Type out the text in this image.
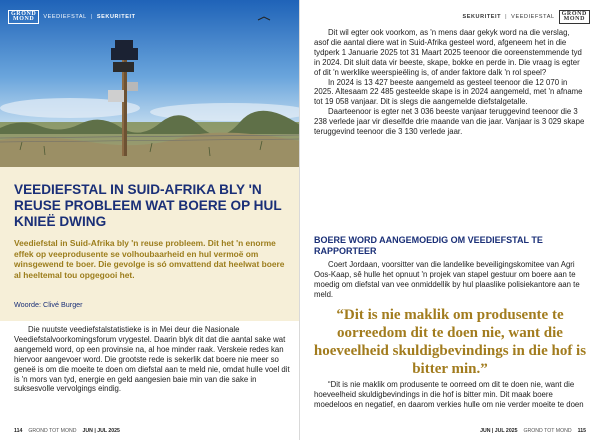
GROND
MOND	VEEDIEFSTAL | SEKURITEIT
VEEDIEFSTAL IN SUID-AFRIKA BLY 'N REUSE PROBLEEM WAT BOERE OP HUL KNIEË DWING

Veediefstal in Suid-Afrika bly 'n reuse probleem. Dit het 'n enorme effek op veeprodusente se volhoubaarheid en hul vermoë om winsgewend te boer. Die gevolge is só omvattend dat heelwat boere al heeltemal tou opgegooi het.

Woorde: Clivé Burger

Die nuutste veediefstalstatistieke is in Mei deur die Nasionale Veediefstalvoorkomingsforum vrygestel. Daarin blyk dit dat die aantal sake wat aangemeld word, op een provinsie na, al hoe minder raak. Verskeie redes kan hiervoor aangevoer word. Die grootste rede is sekerlik dat boere nie meer so geneë is om die moeite te doen om diefstal aan te meld nie, omdat hulle voel dit is 'n mors van tyd, energie en geld aangesien baie min van die sake in suksesvolle vervolgings eindig.

114 GROND TOT MOND JUN | JUL 2025
SEKURITEIT | VEEDIEFSTAL	GROND
MOND

Dit wil egter ook voorkom, as 'n mens daar gekyk word na die verslag, asof die aantal diere wat in Suid-Afrika gesteel word, afgeneem het in die tydperk 1 Januarie 2025 tot 31 Maart 2025 teenoor die ooreenstemmende tyd in 2024. Dit sluit data vir beeste, skape, bokke en perde in. Die vraag is egter of dit 'n werklike weerspieëling is, of ander faktore dalk 'n rol speel?

In 2024 is 13 427 beeste aangemeld as gesteel teenoor die 12 070 in 2025. Altesaam 22 485 gesteelde skape is in 2024 aangemeld, met 'n afname tot 19 058 vanjaar. Dit is slegs die aangemelde diefstalgetalle.

Daarteenoor is egter net 3 036 beeste vanjaar teruggevind teenoor die 3 238 verlede jaar vir dieselfde drie maande van die jaar. Vanjaar is 3 029 skape teruggevind teenoor die 3 130 verlede jaar.

BOERE WORD AANGEMOEDIG OM VEEDIEFSTAL TE RAPPORTEER

Coert Jordaan, voorsitter van die landelike beveiligingskomitee van Agri Oos-Kaap, sê hulle het opnuut 'n projek van stapel gestuur om boere aan te moedig om diefstal van vee onmiddellik by hul plaaslike polisiekantore aan te meld.

“Dit is nie maklik om produsente te oorreedom dit te doen nie, want die hoeveelheid skuldigbevindings in die hof is bitter min.”

“Dit is nie maklik om produsente te oorreed om dit te doen nie, want die hoeveelheid skuldigbevindings in die hof is bitter min. Dit maak boere moedeloos en negatief, en daarom verkies hulle om nie verder moeite te doen

JUN | JUL 2025 GROND TOT MOND 115
